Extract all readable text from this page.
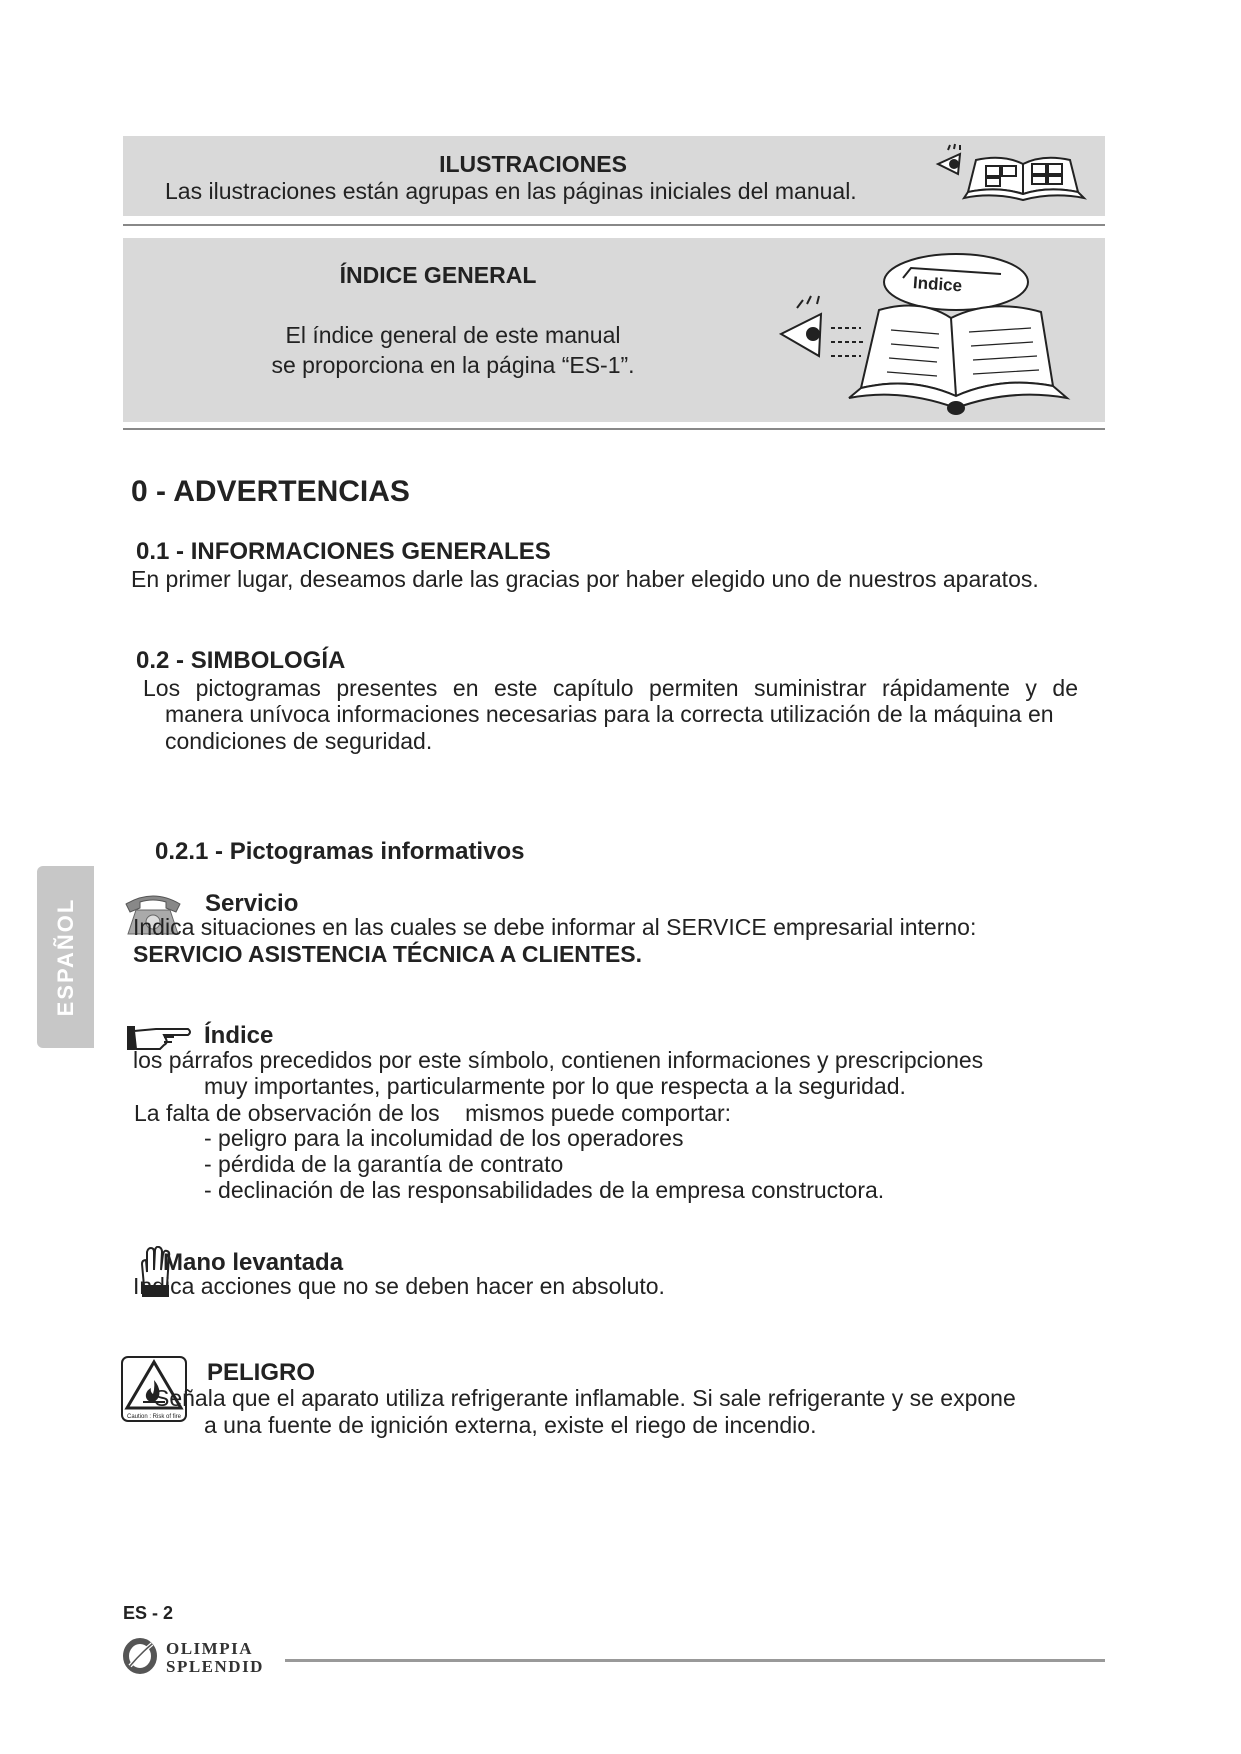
ILUSTRACIONES
Las ilustraciones están agrupas en las páginas iniciales del manual.
ÍNDICE GENERAL
El índice general de este manual
se proporciona en la página “ES-1”.
Indice
0 - ADVERTENCIAS
0.1 - INFORMACIONES GENERALES
En primer lugar, deseamos darle las gracias por haber elegido uno de nuestros aparatos.
0.2 - SIMBOLOGÍA
Los pictogramas presentes en este capítulo permiten suministrar rápidamente y de
manera unívoca informaciones necesarias para la correcta utilización de la máquina en
condiciones de seguridad.
0.2.1 - Pictogramas informativos
Servicio
Indica situaciones en las cuales se debe informar al SERVICE empresarial interno:
SERVICIO ASISTENCIA TÉCNICA A CLIENTES.
Índice
los párrafos precedidos por este símbolo, contienen informaciones y prescripciones
muy importantes, particularmente por lo que respecta a la seguridad.
La falta de observación de los    mismos puede comportar:
- peligro para la incolumidad de los operadores
- pérdida de la garantía de contrato
- declinación de las responsabilidades de la empresa constructora.
Mano levantada
Indica acciones que no se deben hacer en absoluto.
Caution : Risk of fire
PELIGRO
Señala que el aparato utiliza refrigerante inflamable. Si sale refrigerante y se expone
a una fuente de ignición externa, existe el riego de incendio.
ESPAÑOL
ES - 2
OLIMPIA
SPLENDID
